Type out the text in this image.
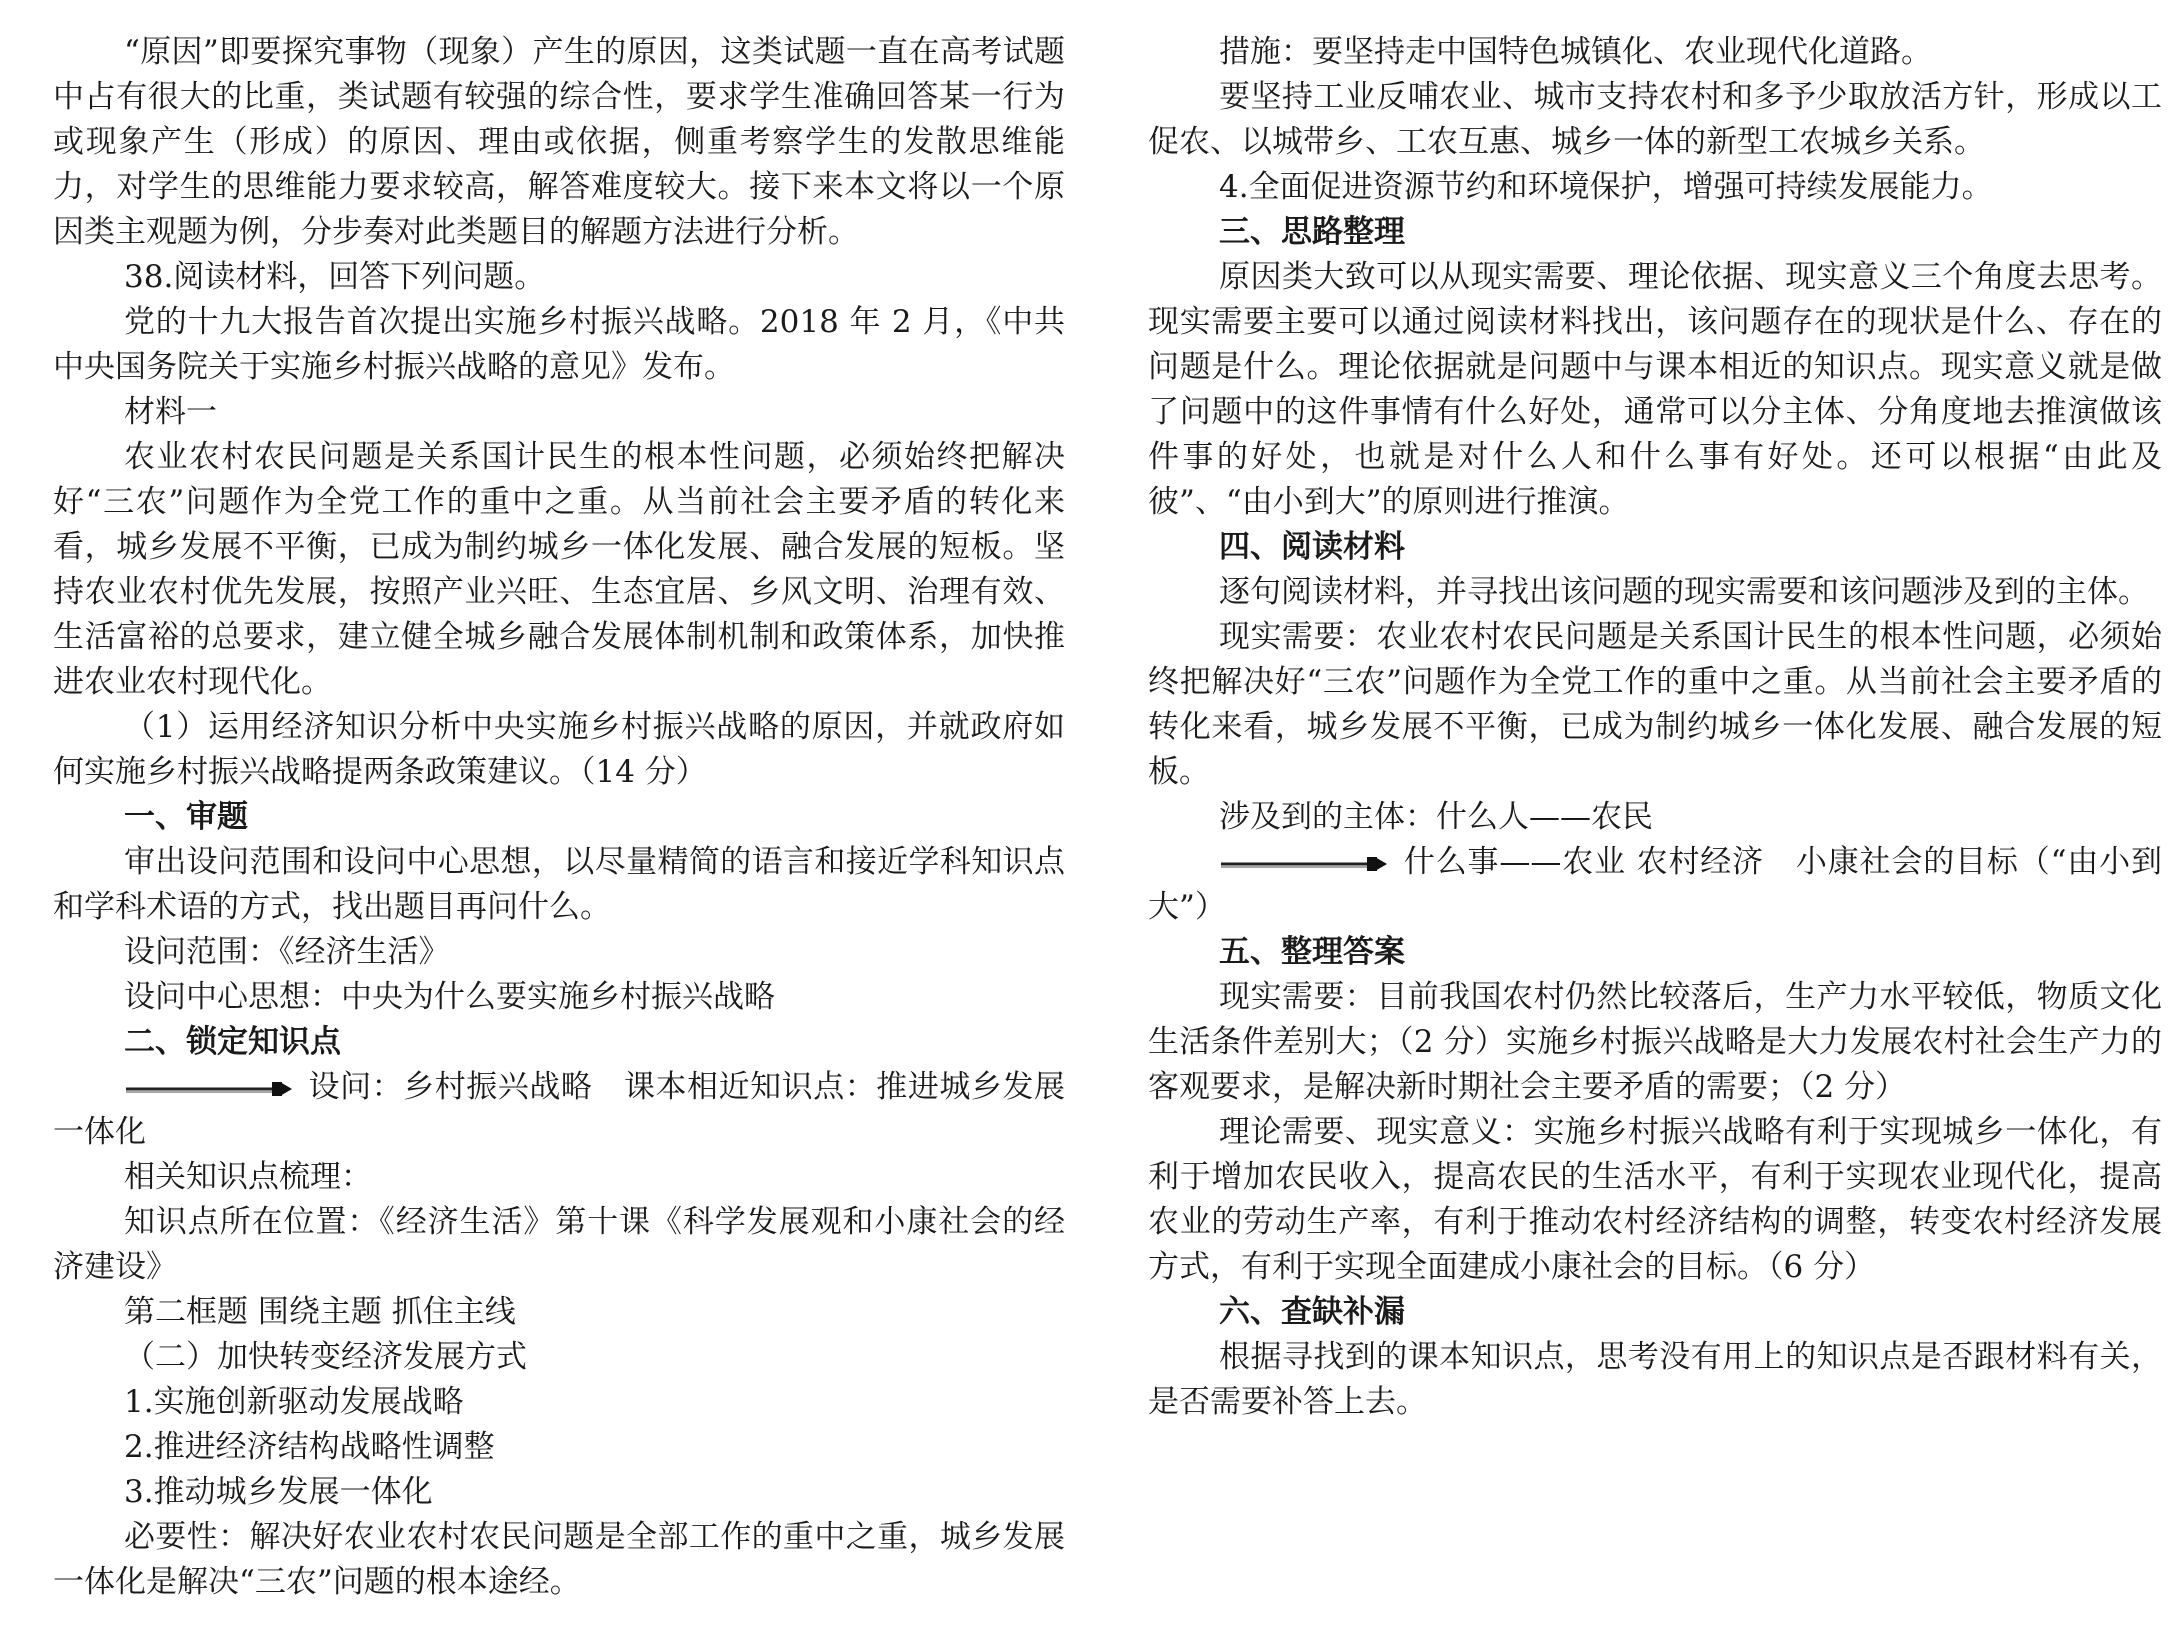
“原因”即要探究事物（现象）产生的原因，这类试题一直在高考试题中占有很大的比重，类试题有较强的综合性，要求学生准确回答某一行为或现象产生（形成）的原因、理由或依据，侧重考察学生的发散思维能力，对学生的思维能力要求较高，解答难度较大。接下来本文将以一个原因类主观题为例，分步奏对此类题目的解题方法进行分析。

38.阅读材料，回答下列问题。

党的十九大报告首次提出实施乡村振兴战略。2018 年 2 月，《中共中央国务院关于实施乡村振兴战略的意见》发布。

材料一

农业农村农民问题是关系国计民生的根本性问题，必须始终把解决好“三农”问题作为全党工作的重中之重。从当前社会主要矛盾的转化来看，城乡发展不平衡，已成为制约城乡一体化发展、融合发展的短板。坚持农业农村优先发展，按照产业兴旺、生态宜居、乡风文明、治理有效、生活富裕的总要求，建立健全城乡融合发展体制机制和政策体系，加快推进农业农村现代化。

（1）运用经济知识分析中央实施乡村振兴战略的原因，并就政府如何实施乡村振兴战略提两条政策建议。（14 分）

一、审题

审出设问范围和设问中心思想，以尽量精简的语言和接近学科知识点和学科术语的方式，找出题目再问什么。

设问范围：《经济生活》

设问中心思想：中央为什么要实施乡村振兴战略

二、锁定知识点

设问：乡村振兴战略　课本相近知识点：推进城乡发展一体化

相关知识点梳理：

知识点所在位置：《经济生活》第十课《科学发展观和小康社会的经济建设》

第二框题 围绕主题 抓住主线

（二）加快转变经济发展方式

1.实施创新驱动发展战略

2.推进经济结构战略性调整

3.推动城乡发展一体化

必要性：解决好农业农村农民问题是全部工作的重中之重，城乡发展一体化是解决“三农”问题的根本途经。

措施：要坚持走中国特色城镇化、农业现代化道路。

要坚持工业反哺农业、城市支持农村和多予少取放活方针，形成以工促农、以城带乡、工农互惠、城乡一体的新型工农城乡关系。

4.全面促进资源节约和环境保护，增强可持续发展能力。

三、思路整理

原因类大致可以从现实需要、理论依据、现实意义三个角度去思考。现实需要主要可以通过阅读材料找出，该问题存在的现状是什么、存在的问题是什么。理论依据就是问题中与课本相近的知识点。现实意义就是做了问题中的这件事情有什么好处，通常可以分主体、分角度地去推演做该件事的好处，也就是对什么人和什么事有好处。还可以根据“由此及彼”、“由小到大”的原则进行推演。

四、阅读材料

逐句阅读材料，并寻找出该问题的现实需要和该问题涉及到的主体。

现实需要：农业农村农民问题是关系国计民生的根本性问题，必须始终把解决好“三农”问题作为全党工作的重中之重。从当前社会主要矛盾的转化来看，城乡发展不平衡，已成为制约城乡一体化发展、融合发展的短板。

涉及到的主体：什么人——农民

什么事——农业 农村经济　小康社会的目标（“由小到大”）

五、整理答案

现实需要：目前我国农村仍然比较落后，生产力水平较低，物质文化生活条件差别大；（2 分）实施乡村振兴战略是大力发展农村社会生产力的客观要求，是解决新时期社会主要矛盾的需要；（2 分）

理论需要、现实意义：实施乡村振兴战略有利于实现城乡一体化，有利于增加农民收入，提高农民的生活水平，有利于实现农业现代化，提高农业的劳动生产率，有利于推动农村经济结构的调整，转变农村经济发展方式，有利于实现全面建成小康社会的目标。（6 分）

六、查缺补漏

根据寻找到的课本知识点，思考没有用上的知识点是否跟材料有关，是否需要补答上去。
